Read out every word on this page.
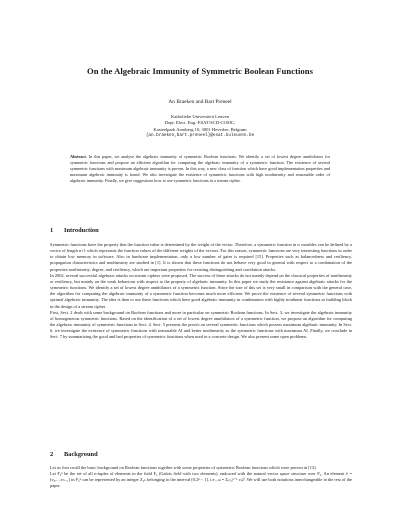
On the Algebraic Immunity of Symmetric Boolean Functions
An Braeken and Bart Preneel
Katholieke Universiteit Leuven
Dept. Elect. Eng.-ESAT/SCD-COSIC,
Kasteelpark Arenberg 10, 3001 Heverlee, Belgium
{an.braeken,bart.preneel}@esat.kuleuven.be
Abstract. In this paper, we analyse the algebraic immunity of symmetric Boolean functions. We identify a set of lowest degree annihilators for symmetric functions and propose an efficient algorithm for computing the algebraic immunity of a symmetric function. The existence of several symmetric functions with maximum algebraic immunity is proven. In this way, a new class of function which have good implementation properties and maximum algebraic immunity is found. We also investigate the existence of symmetric functions with high nonlinearity and reasonable order of algebraic immunity. Finally, we give suggestions how to use symmetric functions in a stream cipher.
1 Introduction

Symmetric functions have the property that the function value is determined by the weight of the vector. Therefore, a symmetric function in n variables can be defined by a vector of length n+1 which represents the function values of the different weights of the vectors. For this reason, symmetric functions are very interesting functions in order to obtain low memory in software. Also in hardware implementation, only a low number of gates is required [15]. Properties such as balancedness and resiliency, propagation characteristics and nonlinearity are studied in [1]. It is shown that these functions do not behave very good in general with respect to a combination of the properties nonlinearity, degree, and resiliency, which are important properties for resisting distinguishing and correlation attacks.

In 2002, several successful algebraic attacks on stream ciphers were proposed. The success of these attacks do not mainly depend on the classical properties of nonlinearity or resiliency, but mainly on the weak behaviour with respect to the property of algebraic immunity. In this paper we study the resistance against algebraic attacks for the symmetric functions. We identify a set of lowest degree annihilators of a symmetric function. Since the size of this set is very small in comparison with the general case, the algorithm for computing the algebraic immunity of a symmetric function becomes much more efficient. We prove the existence of several symmetric functions with optimal algebraic immunity. The idea is then to use these functions which have good algebraic immunity in combination with highly nonlinear functions as building block in the design of a stream cipher.

First, Sect. 2 deals with some background on Boolean functions and more in particular on symmetric Boolean functions. In Sect. 3, we investigate the algebraic immunity of homogeneous symmetric functions. Based on the identification of a set of lowest degree annihilators of a symmetric function, we propose an algorithm for computing the algebraic immunity of symmetric functions in Sect. 4. Sect. 5 presents the proofs on several symmetric functions which possess maximum algebraic immunity. In Sect. 6, we investigate the existence of symmetric functions with reasonable AI and better nonlinearity as the symmetric functions with maximum AI. Finally, we conclude in Sect. 7 by summarizing the good and bad properties of symmetric functions when used in a concrete design. We also present some open problems.

2 Background

Let us first recall the basic background on Boolean functions together with some properties of symmetric Boolean functions which were proven in [13].

Let F₂ⁿ be the set of all n-tuples of elements in the field F₂ (Galois field with two elements), endowed with the natural vector space structure over F₂. An element v̄ = (v₀,...,vₙ₋₁) in F₂ⁿ can be represented by an integer Z₂ₙ belonging to the interval [0,2ⁿ − 1], i.e., ω = Σᵢ₌₀ⁿ⁻¹ vᵢ2ⁱ. We will use both notations interchangeable in the rest of the paper.
